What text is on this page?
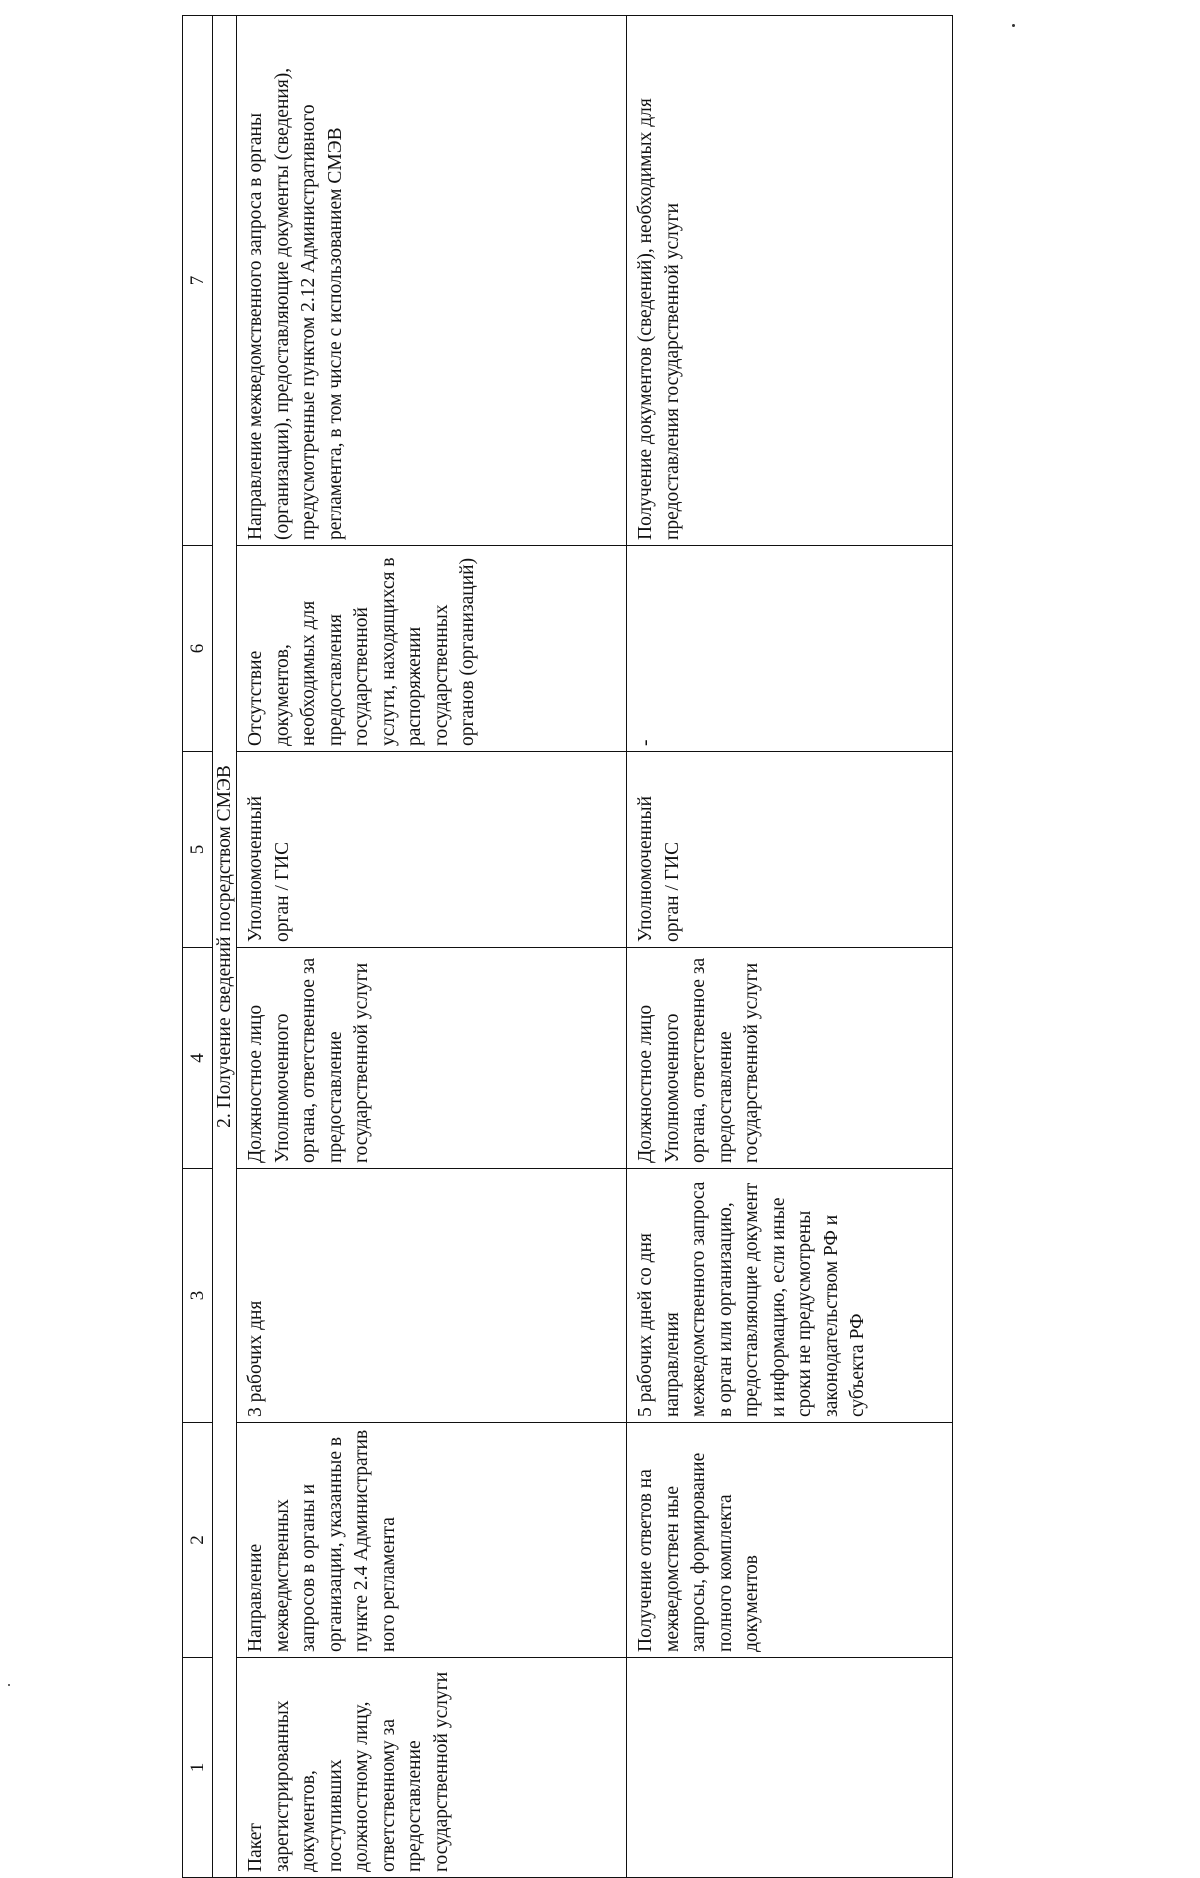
1	2	3	4	5	6	7
2. Получение сведений посредством СМЭВ						
Пакет зарегистрированных документов, поступивших должностному лицу, ответственному за предоставление государственной услуги	Направление межведмственных запросов в органы и организации, указанные в пункте 2.4 Административ ного регламента	3 рабочих дня	Должностное лицо Уполномоченного органа, ответственное за предоставление государственной услуги	Уполномоченный орган / ГИС	Отсутствие документов, необходимых для предоставления государственной услуги, находящихся в распоряжении государственных органов (организаций)	Направление межведомственного запроса в органы (организации), предоставляющие документы (сведения), предусмотренные пунктом 2.12 Административного регламента, в том числе с использованием СМЭВ
	Получение ответов на межведомствен ные запросы, формирование полного комплекта документов	5 рабочих дней со дня направления межведомственного запроса в орган или организацию, предоставляющие документ и информацию, если иные сроки не предусмотрены законодательством РФ и субъекта РФ	Должностное лицо Уполномоченного органа, ответственное за предоставление государственной услуги	Уполномоченный орган / ГИС	-	Получение документов (сведений), необходимых для предоставления государственной услуги
